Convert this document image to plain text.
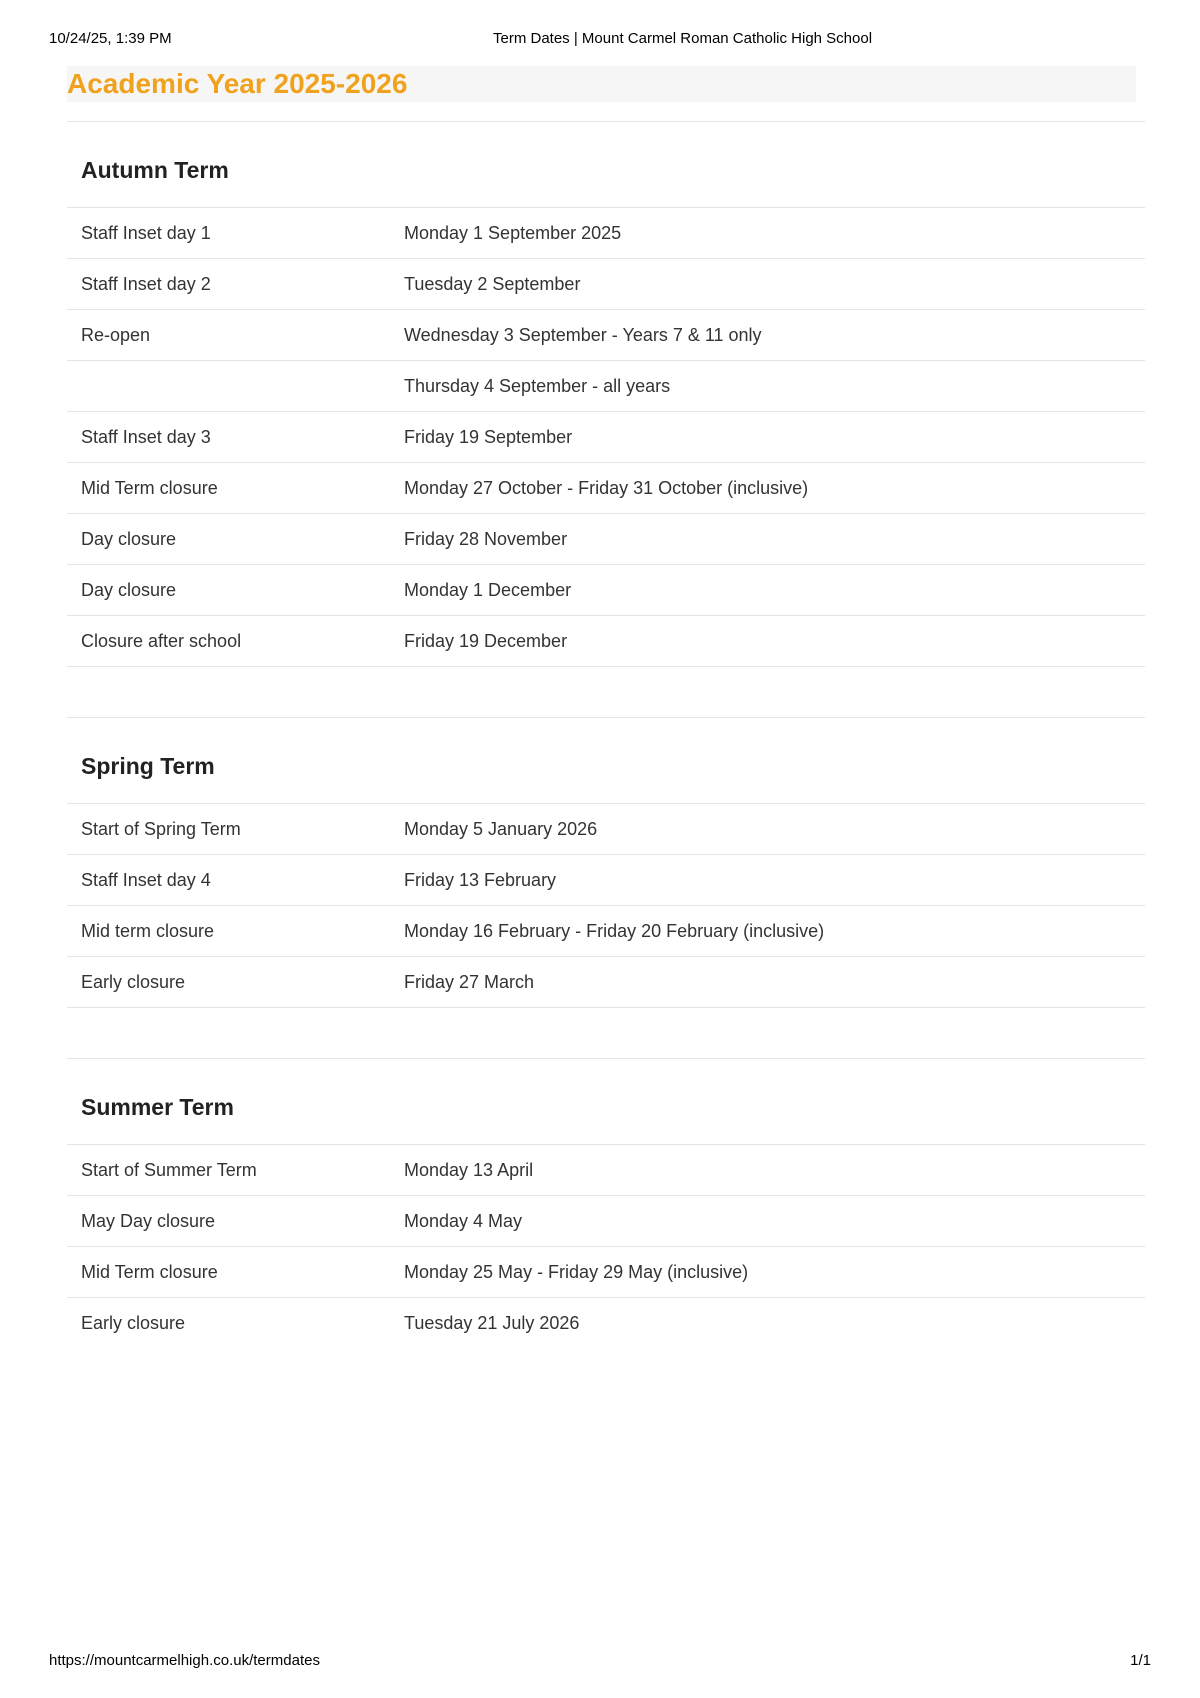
10/24/25, 1:39 PM	Term Dates | Mount Carmel Roman Catholic High School
Academic Year 2025-2026
Autumn Term
Staff Inset day 1	Monday 1 September 2025
Staff Inset day 2	Tuesday 2 September
Re-open	Wednesday 3 September - Years 7 & 11 only
	Thursday 4 September - all years
Staff Inset day 3	Friday 19 September
Mid Term closure	Monday 27 October - Friday 31 October (inclusive)
Day closure	Friday 28 November
Day closure	Monday 1 December
Closure after school	Friday 19 December
Spring Term
Start of Spring Term	Monday 5 January 2026
Staff Inset day 4	Friday 13 February
Mid term closure	Monday 16 February - Friday 20 February (inclusive)
Early closure	Friday 27 March
Summer Term
Start of Summer Term	Monday 13 April
May Day closure	Monday 4 May
Mid Term closure	Monday 25 May - Friday 29 May (inclusive)
Early closure	Tuesday 21 July 2026
https://mountcarmelhigh.co.uk/termdates	1/1
